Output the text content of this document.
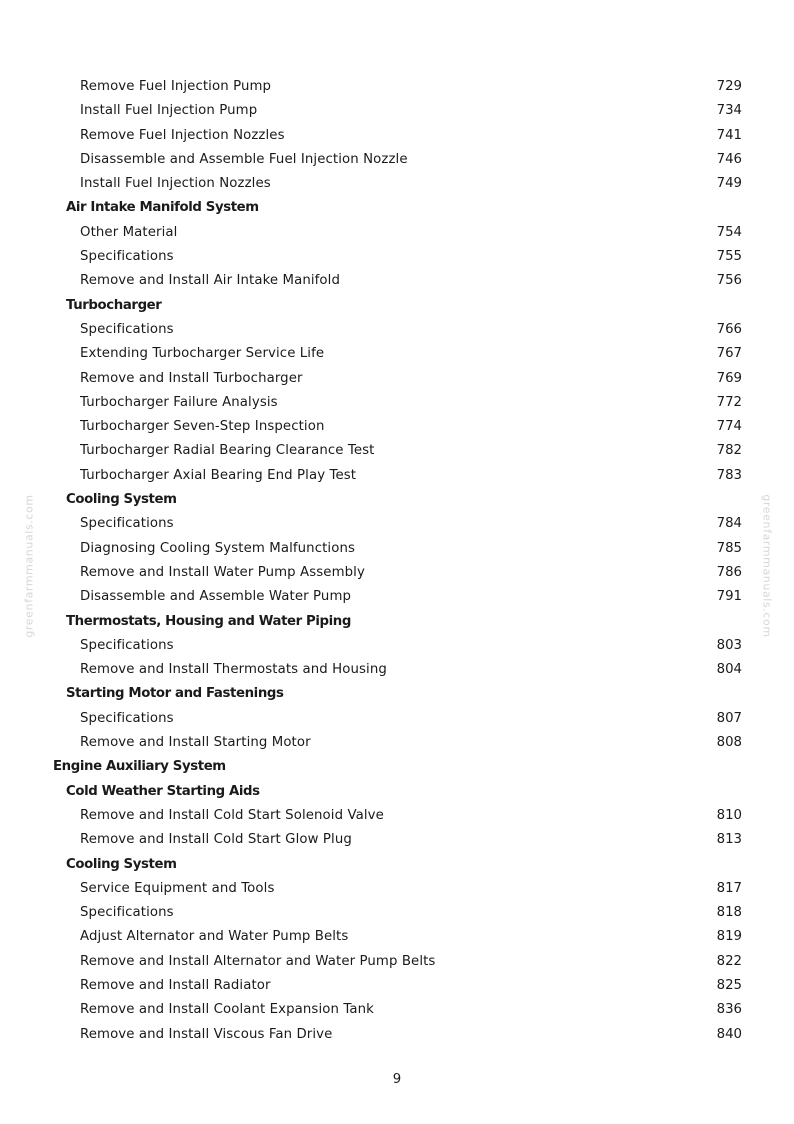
greenfarmmanuals.com	greenfarmmanuals.com
Remove Fuel Injection Pump	729
Install Fuel Injection Pump	734
Remove Fuel Injection Nozzles	741
Disassemble and Assemble Fuel Injection Nozzle	746
Install Fuel Injection Nozzles	749
Air Intake Manifold System
Other Material	754
Specifications	755
Remove and Install Air Intake Manifold	756
Turbocharger
Specifications	766
Extending Turbocharger Service Life	767
Remove and Install Turbocharger	769
Turbocharger Failure Analysis	772
Turbocharger Seven-Step Inspection	774
Turbocharger Radial Bearing Clearance Test	782
Turbocharger Axial Bearing End Play Test	783
Cooling System
Specifications	784
Diagnosing Cooling System Malfunctions	785
Remove and Install Water Pump Assembly	786
Disassemble and Assemble Water Pump	791
Thermostats, Housing and Water Piping
Specifications	803
Remove and Install Thermostats and Housing	804
Starting Motor and Fastenings
Specifications	807
Remove and Install Starting Motor	808
Engine Auxiliary System
Cold Weather Starting Aids
Remove and Install Cold Start Solenoid Valve	810
Remove and Install Cold Start Glow Plug	813
Cooling System
Service Equipment and Tools	817
Specifications	818
Adjust Alternator and Water Pump Belts	819
Remove and Install Alternator and Water Pump Belts	822
Remove and Install Radiator	825
Remove and Install Coolant Expansion Tank	836
Remove and Install Viscous Fan Drive	840
9
